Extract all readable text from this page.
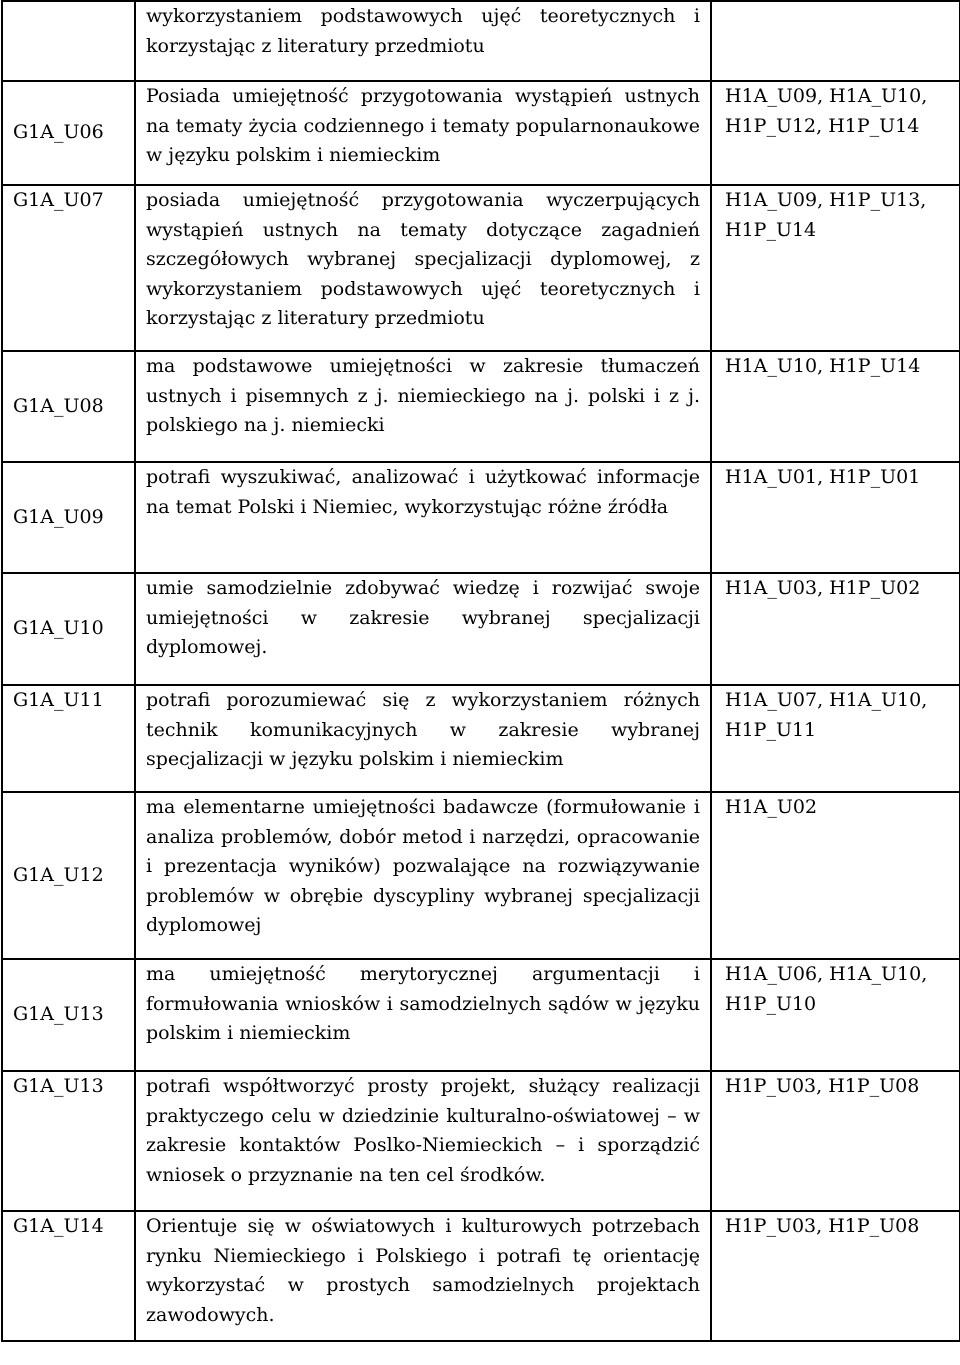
	wykorzystaniem podstawowych ujęć teoretycznych i korzystając z literatury przedmiotu	
G1A_U06	Posiada umiejętność przygotowania wystąpień ustnych na tematy życia codziennego i tematy popularnonaukowe w języku polskim i niemieckim	H1A_U09, H1A_U10, H1P_U12, H1P_U14
G1A_U07	posiada umiejętność przygotowania wyczerpujących wystąpień ustnych na tematy dotyczące zagadnień szczegółowych wybranej specjalizacji dyplomowej, z wykorzystaniem podstawowych ujęć teoretycznych i korzystając z literatury przedmiotu	H1A_U09, H1P_U13, H1P_U14
G1A_U08	ma podstawowe umiejętności w zakresie tłumaczeń ustnych i pisemnych z j. niemieckiego na j. polski i z j. polskiego na j. niemiecki	H1A_U10, H1P_U14
G1A_U09	potrafi wyszukiwać, analizować i użytkować informacje na temat Polski i Niemiec, wykorzystując różne źródła	H1A_U01, H1P_U01
G1A_U10	umie samodzielnie zdobywać wiedzę i rozwijać swoje umiejętności w zakresie wybranej specjalizacji dyplomowej.	H1A_U03, H1P_U02
G1A_U11	potrafi porozumiewać się z wykorzystaniem różnych technik komunikacyjnych w zakresie wybranej specjalizacji w języku polskim i niemieckim	H1A_U07, H1A_U10, H1P_U11
G1A_U12	ma elementarne umiejętności badawcze (formułowanie i analiza problemów, dobór metod i narzędzi, opracowanie i prezentacja wyników) pozwalające na rozwiązywanie problemów w obrębie dyscypliny wybranej specjalizacji dyplomowej	H1A_U02
G1A_U13	ma umiejętność merytorycznej argumentacji i formułowania wniosków i samodzielnych sądów w języku polskim i niemieckim	H1A_U06, H1A_U10, H1P_U10
G1A_U13	potrafi współtworzyć prosty projekt, służący realizacji praktyczego celu w dziedzinie kulturalno-oświatowej – w zakresie kontaktów Poslko-Niemieckich – i sporządzić wniosek o przyznanie na ten cel środków.	H1P_U03, H1P_U08
G1A_U14	Orientuje się w oświatowych i kulturowych potrzebach rynku Niemieckiego i Polskiego i potrafi tę orientację wykorzystać w prostych samodzielnych projektach zawodowych.	H1P_U03, H1P_U08
